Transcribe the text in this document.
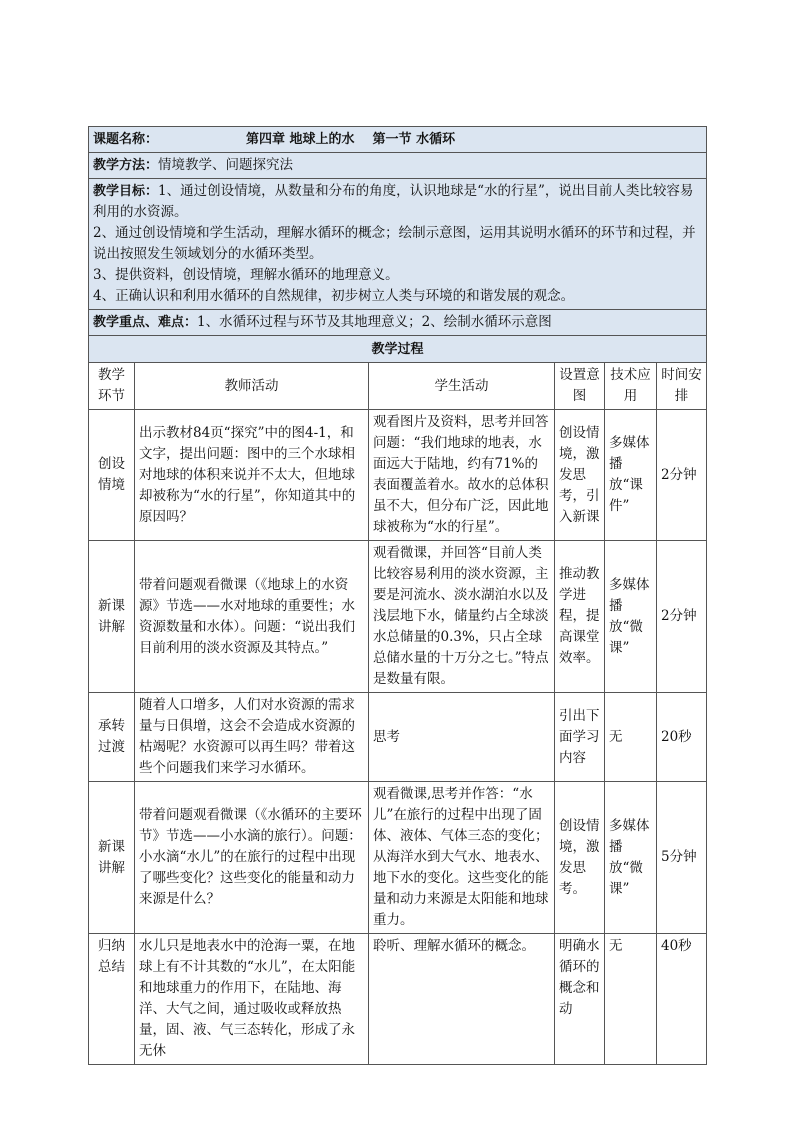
课题名称： 第四章 地球上的水 第一节 水循环					
教学方法：情境教学、问题探究法					

教学目标：1、通过创设情境，从数量和分布的角度，认识地球是“水的行星”，说出目前人类比较容易利用的水资源。
2、通过创设情境和学生活动，理解水循环的概念；绘制示意图，运用其说明水循环的环节和过程，并说出按照发生领域划分的水循环类型。
3、提供资料，创设情境，理解水循环的地理意义。
4、正确认识和利用水循环的自然规律，初步树立人类与环境的和谐发展的观念。					

教学重点、难点：1、水循环过程与环节及其地理意义；2、绘制水循环示意图					
教学过程					
教学环节	教师活动	学生活动	设置意图	技术应用	时间安排
创设情境	出示教材84页“探究”中的图4-1，和文字，提出问题：图中的三个水球相对地球的体积来说并不太大，但地球却被称为“水的行星”，你知道其中的原因吗？	观看图片及资料，思考并回答问题：“我们地球的地表，水面远大于陆地，约有71%的表面覆盖着水。故水的总体积虽不大，但分布广泛，因此地球被称为“水的行星”。	创设情境，激发思考，引入新课	多媒体播放“课件”	2分钟
新课讲解	带着问题观看微课（《地球上的水资源》节选——水对地球的重要性；水资源数量和水体）。问题：“说出我们目前利用的淡水资源及其特点。”	观看微课，并回答“目前人类比较容易利用的淡水资源，主要是河流水、淡水湖泊水以及浅层地下水，储量约占全球淡水总储量的0.3%，只占全球总储水量的十万分之七。”特点是数量有限。	推动教学进程，提高课堂效率。	多媒体播放“微课”	2分钟
承转过渡	随着人口增多，人们对水资源的需求量与日俱增，这会不会造成水资源的枯竭呢？水资源可以再生吗？带着这些个问题我们来学习水循环。	思考	引出下面学习内容	无	20秒
新课讲解	带着问题观看微课（《水循环的主要环节》节选——小水滴的旅行）。问题：小水滴“水儿”的在旅行的过程中出现了哪些变化？这些变化的能量和动力来源是什么？	观看微课,思考并作答：“水儿”在旅行的过程中出现了固体、液体、气体三态的变化；从海洋水到大气水、地表水、地下水的变化。这些变化的能量和动力来源是太阳能和地球重力。	创设情境，激发思考。	多媒体播放“微课”	5分钟
归纳总结	水儿只是地表水中的沧海一粟，在地球上有不计其数的“水儿”，在太阳能和地球重力的作用下，在陆地、海洋、大气之间，通过吸收或释放热量，固、液、气三态转化，形成了永无休	聆听、理解水循环的概念。	明确水循环的概念和动	无	40秒
